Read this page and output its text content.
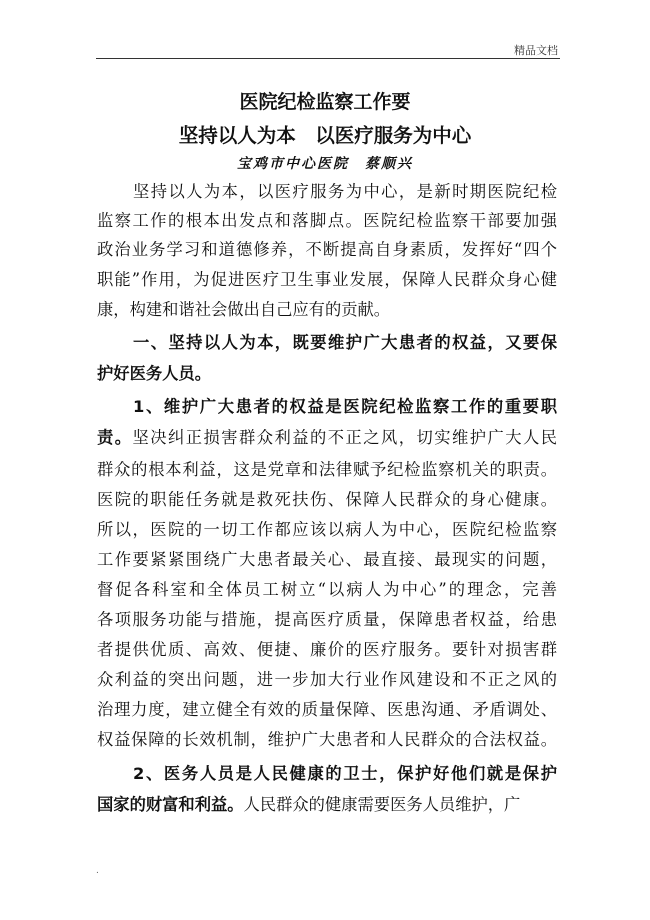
精品文档
医院纪检监察工作要
坚持以人为本　以医疗服务为中心
宝鸡市中心医院　蔡顺兴
坚持以人为本，以医疗服务为中心，是新时期医院纪检
监察工作的根本出发点和落脚点。医院纪检监察干部要加强
政治业务学习和道德修养，不断提高自身素质，发挥好“四个
职能”作用，为促进医疗卫生事业发展，保障人民群众身心健
康，构建和谐社会做出自己应有的贡献。
一、坚持以人为本，既要维护广大患者的权益，又要保
护好医务人员。
1、维护广大患者的权益是医院纪检监察工作的重要职
责。坚决纠正损害群众利益的不正之风，切实维护广大人民
群众的根本利益，这是党章和法律赋予纪检监察机关的职责。
医院的职能任务就是救死扶伤、保障人民群众的身心健康。
所以，医院的一切工作都应该以病人为中心，医院纪检监察
工作要紧紧围绕广大患者最关心、最直接、最现实的问题，
督促各科室和全体员工树立“以病人为中心”的理念，完善
各项服务功能与措施，提高医疗质量，保障患者权益，给患
者提供优质、高效、便捷、廉价的医疗服务。要针对损害群
众利益的突出问题，进一步加大行业作风建设和不正之风的
治理力度，建立健全有效的质量保障、医患沟通、矛盾调处、
权益保障的长效机制，维护广大患者和人民群众的合法权益。
2、医务人员是人民健康的卫士，保护好他们就是保护
国家的财富和利益。人民群众的健康需要医务人员维护，广
.
